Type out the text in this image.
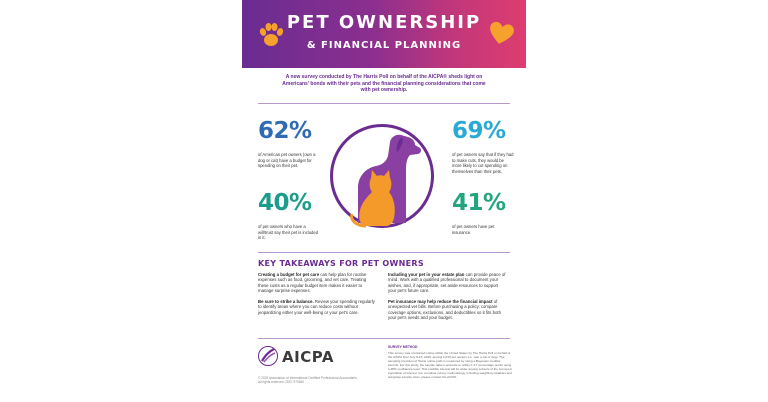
PET OWNERSHIP
& FINANCIAL PLANNING
A new survey conducted by The Harris Poll on behalf of the AICPA® sheds light on Americans' bonds with their pets and the financial planning considerations that come with pet ownership.
62%
of American pet owners (own a dog or cat) have a budget for spending on their pet.
69%
of pet owners say that if they had to make cuts, they would be more likely to cut spending on themselves than their pets.
40%
of pet owners who have a will/trust say their pet is included in it.
41%
of pet owners have pet insurance.
KEY TAKEAWAYS FOR PET OWNERS
Creating a budget for pet care can help plan for routine expenses such as food, grooming, and vet care. Treating these costs as a regular budget item makes it easier to manage surprise expenses.
Be sure to strike a balance. Review your spending regularly to identify areas where you can reduce costs without jeopardizing either your well-being or your pet's care.
Including your pet in your estate plan can provide peace of mind. Work with a qualified professional to document your wishes, and, if appropriate, set aside resources to support your pet's future care.
Pet insurance may help reduce the financial impact of unexpected vet bills. Before purchasing a policy, compare coverage options, exclusions, and deductibles so it fits both your pet's needs and your budget.
AICPA
© 2025 Association of International Certified Professional Accountants. All rights reserved. 2507-970840
SURVEY METHOD
This survey was conducted online within the United States by The Harris Poll on behalf of the AICPA from July 9-15, 2025, among 1,019 pet owners (i.e. own a cat or dog). The sampling precision of Harris online polls is measured by using a Bayesian credible interval. For this study, the sample data is accurate to within ± 3.7 percentage points using a 95% confidence level. This credible interval will be wider among subsets of the surveyed population of interest. For complete survey methodology, including weighting variables and subgroup sample sizes, please contact the AICPA.
